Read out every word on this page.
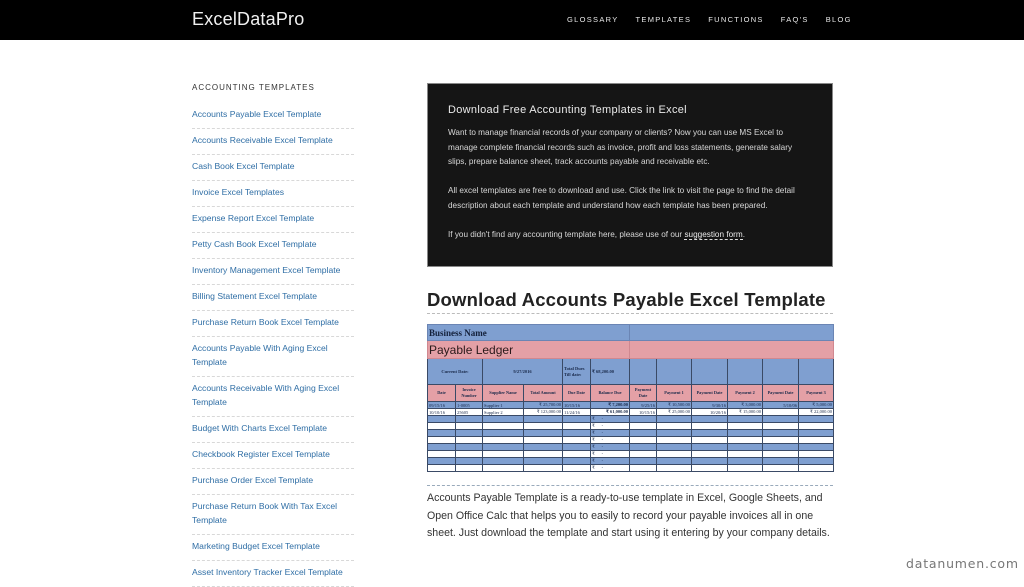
ExcelDataPro	GLOSSARY TEMPLATES FUNCTIONS FAQ'S BLOG
ACCOUNTING TEMPLATES
Accounts Payable Excel Template
Accounts Receivable Excel Template
Cash Book Excel Template
Invoice Excel Templates
Expense Report Excel Template
Petty Cash Book Excel Template
Inventory Management Excel Template
Billing Statement Excel Template
Purchase Return Book Excel Template
Accounts Payable With Aging Excel Template
Accounts Receivable With Aging Excel Template
Budget With Charts Excel Template
Checkbook Register Excel Template
Purchase Order Excel Template
Purchase Return Book With Tax Excel Template
Marketing Budget Excel Template
Asset Inventory Tracker Excel Template
Download Free Accounting Templates in Excel

Want to manage financial records of your company or clients? Now you can use MS Excel to manage complete financial records such as invoice, profit and loss statements, generate salary slips, prepare balance sheet, track accounts payable and receivable etc.

All excel templates are free to download and use. Click the link to visit the page to find the detail description about each template and understand how each template has been prepared.

If you didn't find any accounting template here, please use of our suggestion form.

Download Accounts Payable Excel Template
Business Name											
Payable Ledger											
Current Date:		9/27/2016		Total Dues Till date:	₹ 68,200.00						
Date	Invoice Number	Supplier Name	Total Amount	Due Date	Balance Due	Payment Date	Payment 1	Payment Date	Payment 2	Payment Date	Payment 3
09/15/16	1-0005	Supplier 1	₹ 25,700.00	10/15/16	₹ 7,200.00	9/25/16	₹ 10,500.00	9/30/16	₹ 3,000.00	5/10/06	₹ 5,000.00
10/10/16	25605	Supplier 2	₹ 123,000.00	11/24/16	₹ 61,000.00	10/15/16	₹ 25,000.00	10/20/16	₹ 15,000.00		₹ 22,000.00
					₹ -						
					₹ -						
					₹ -						
					₹ -						
					₹ -						
					₹ -						
					₹ -						
					₹ -						

Accounts Payable Template is a ready-to-use template in Excel, Google Sheets, and Open Office Calc that helps you to easily to record your payable invoices all in one sheet. Just download the template and start using it entering by your company details.

datanumen.com
